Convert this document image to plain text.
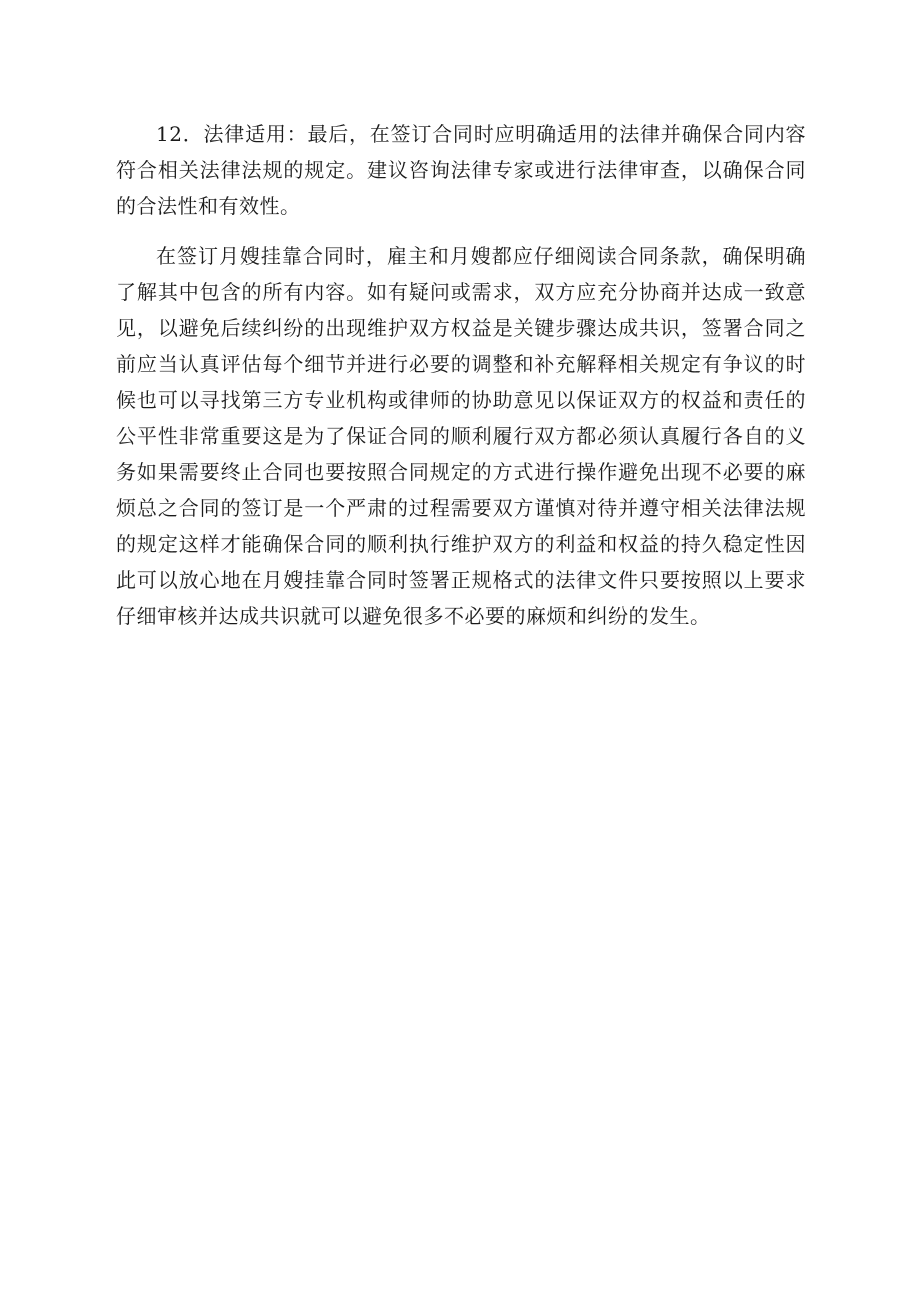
12．法律适用：最后，在签订合同时应明确适用的法律并确保合同内容符合相关法律法规的规定。建议咨询法律专家或进行法律审查，以确保合同的合法性和有效性。

在签订月嫂挂靠合同时，雇主和月嫂都应仔细阅读合同条款，确保明确了解其中包含的所有内容。如有疑问或需求，双方应充分协商并达成一致意见，以避免后续纠纷的出现维护双方权益是关键步骤达成共识，签署合同之前应当认真评估每个细节并进行必要的调整和补充解释相关规定有争议的时候也可以寻找第三方专业机构或律师的协助意见以保证双方的权益和责任的公平性非常重要这是为了保证合同的顺利履行双方都必须认真履行各自的义务如果需要终止合同也要按照合同规定的方式进行操作避免出现不必要的麻烦总之合同的签订是一个严肃的过程需要双方谨慎对待并遵守相关法律法规的规定这样才能确保合同的顺利执行维护双方的利益和权益的持久稳定性因此可以放心地在月嫂挂靠合同时签署正规格式的法律文件只要按照以上要求仔细审核并达成共识就可以避免很多不必要的麻烦和纠纷的发生。
